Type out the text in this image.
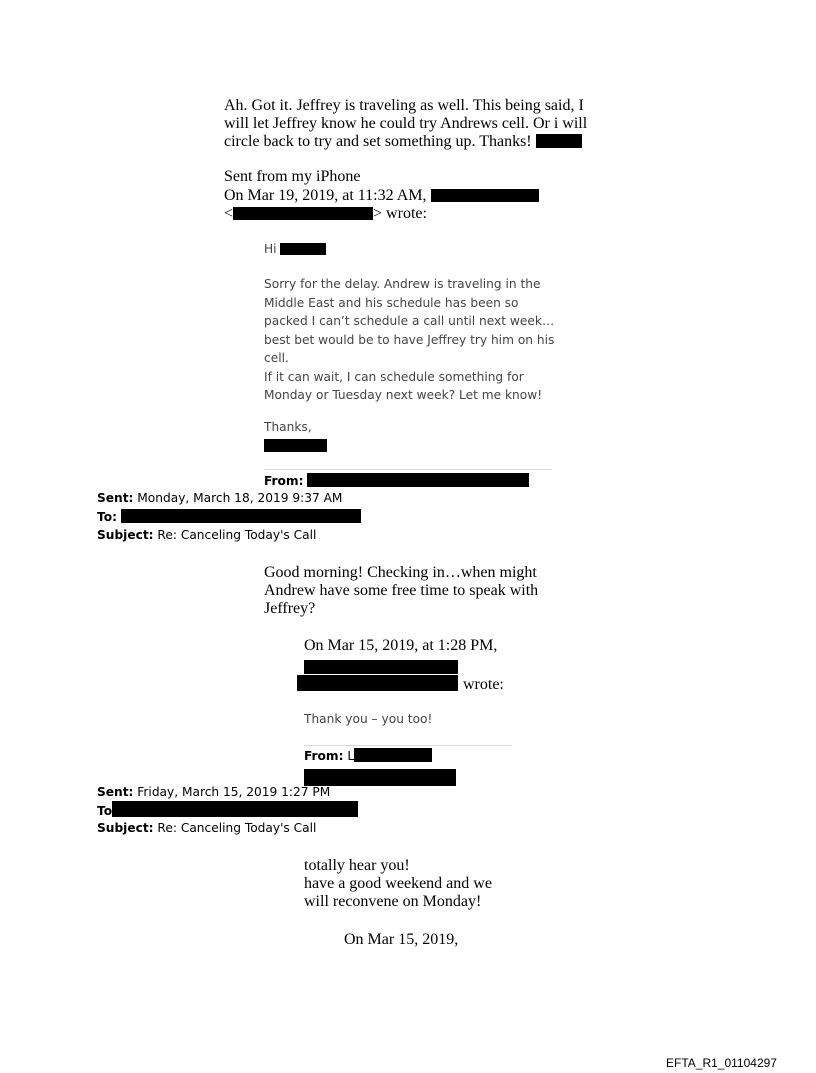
Ah. Got it. Jeffrey is traveling as well. This being said, I
will let Jeffrey know he could try Andrews cell. Or i will
circle back to try and set something up. Thanks!
Sent from my iPhone
On Mar 19, 2019, at 11:32 AM,
<	> wrote:
Hi
Sorry for the delay. Andrew is traveling in the
Middle East and his schedule has been so
packed I can’t schedule a call until next week…
best bet would be to have Jeffrey try him on his
cell.
If it can wait, I can schedule something for
Monday or Tuesday next week? Let me know!
Thanks,
From:
Sent: Monday, March 18, 2019 9:37 AM
To:
Subject: Re: Canceling Today's Call
Good morning! Checking in…when might
Andrew have some free time to speak with
Jeffrey?
On Mar 15, 2019, at 1:28 PM,
wrote:
Thank you – you too!
From: L
Sent: Friday, March 15, 2019 1:27 PM
To
Subject: Re: Canceling Today's Call
totally hear you!
have a good weekend and we
will reconvene on Monday!
On Mar 15, 2019,
EFTA_R1_01104297
